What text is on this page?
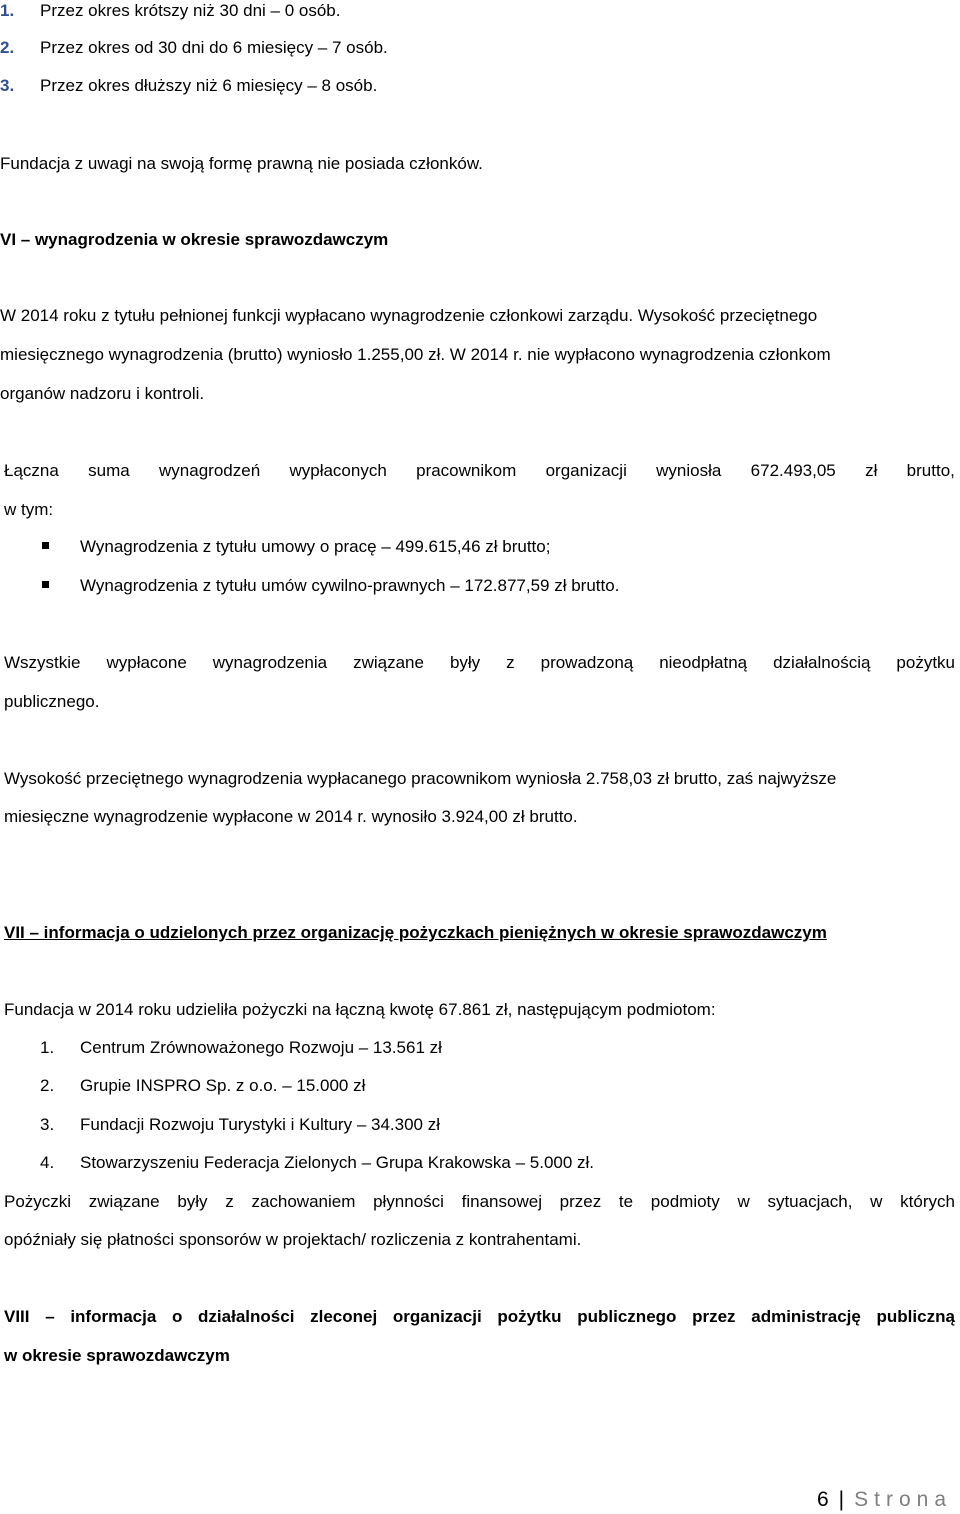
1. Przez okres krótszy niż 30 dni – 0 osób.
2. Przez okres od 30 dni do 6 miesięcy – 7 osób.
3. Przez okres dłuższy niż 6 miesięcy – 8 osób.
Fundacja z uwagi na swoją formę prawną nie posiada członków.
VI – wynagrodzenia w okresie sprawozdawczym
W 2014 roku z tytułu pełnionej funkcji wypłacano wynagrodzenie członkowi zarządu. Wysokość przeciętnego
miesięcznego wynagrodzenia (brutto) wyniosło 1.255,00 zł. W 2014 r. nie wypłacono wynagrodzenia członkom
organów nadzoru i kontroli.
Łączna suma wynagrodzeń wypłaconych pracownikom organizacji wyniosła 672.493,05 zł brutto,
w tym:
Wynagrodzenia z tytułu umowy o pracę – 499.615,46 zł brutto;
Wynagrodzenia z tytułu umów cywilno-prawnych – 172.877,59 zł brutto.
Wszystkie wypłacone wynagrodzenia związane były z prowadzoną nieodpłatną działalnością pożytku
publicznego.
Wysokość przeciętnego wynagrodzenia wypłacanego pracownikom wyniosła 2.758,03 zł brutto, zaś najwyższe
miesięczne wynagrodzenie wypłacone w 2014 r. wynosiło 3.924,00 zł brutto.
VII – informacja o udzielonych przez organizację pożyczkach pieniężnych w okresie sprawozdawczym
Fundacja w 2014 roku udzieliła pożyczki na łączną kwotę 67.861 zł, następującym podmiotom:
1. Centrum Zrównoważonego Rozwoju – 13.561 zł
2. Grupie INSPRO Sp. z o.o. – 15.000 zł
3. Fundacji Rozwoju Turystyki i Kultury – 34.300 zł
4. Stowarzyszeniu Federacja Zielonych – Grupa Krakowska – 5.000 zł.
Pożyczki związane były z zachowaniem płynności finansowej przez te podmioty w sytuacjach, w których
opóźniały się płatności sponsorów w projektach/ rozliczenia z kontrahentami.
VIII – informacja o działalności zleconej organizacji pożytku publicznego przez administrację publiczną
w okresie sprawozdawczym
6 | Strona
